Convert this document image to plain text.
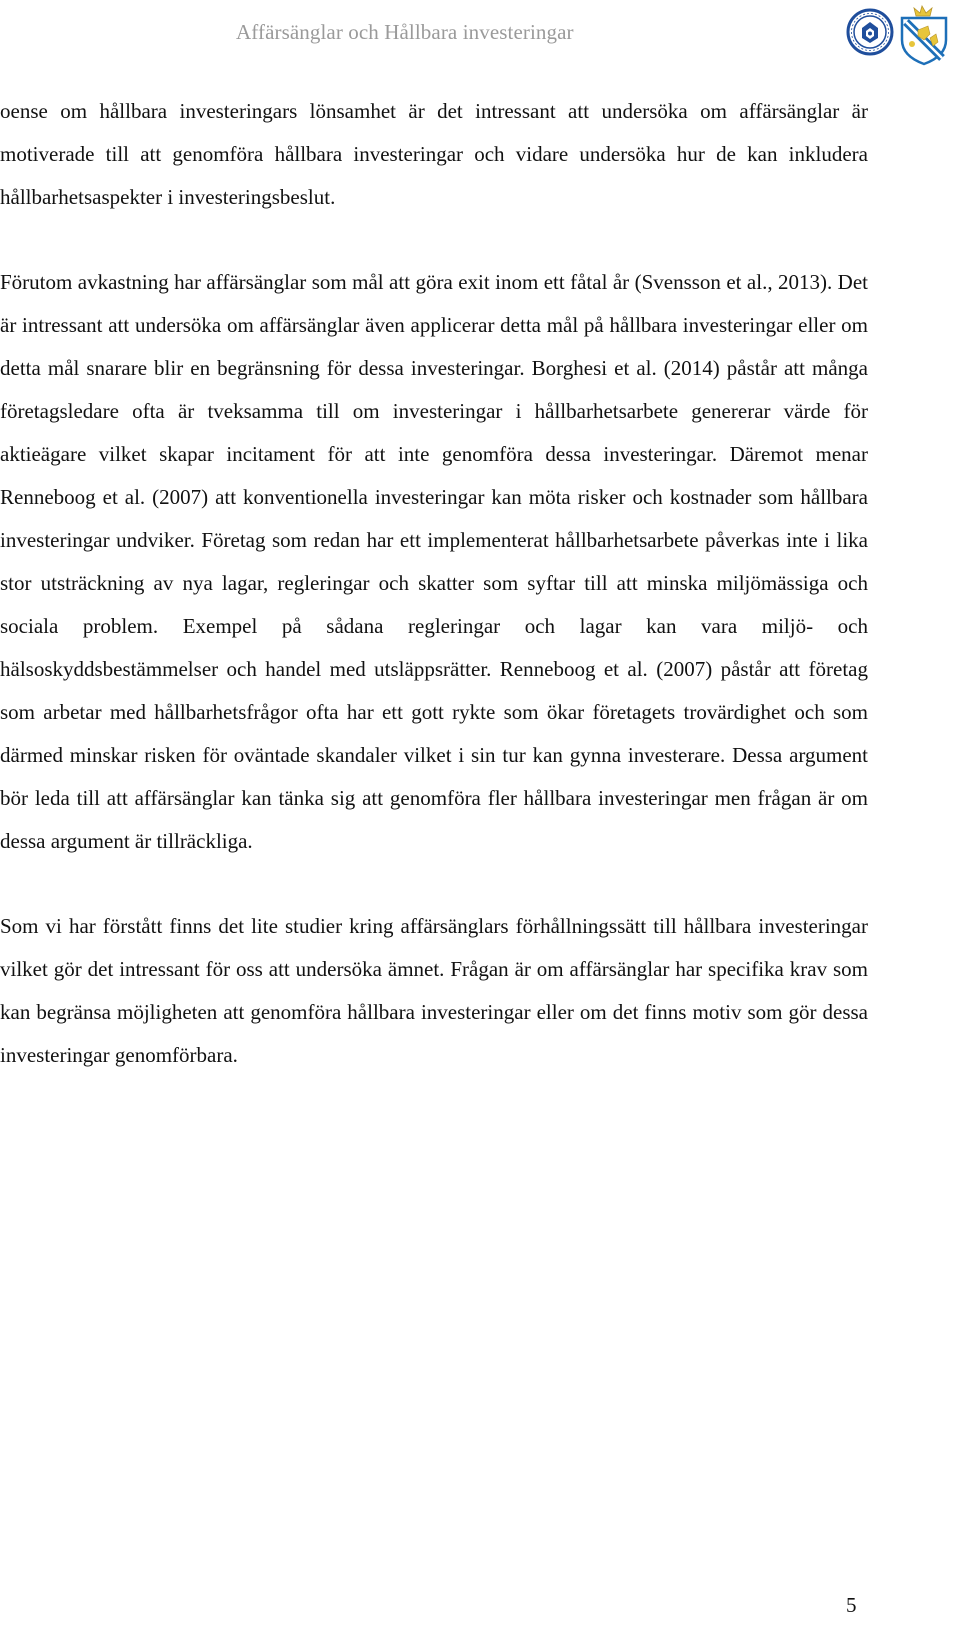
Affärsänglar och Hållbara investeringar

oense om hållbara investeringars lönsamhet är det intressant att undersöka om affärsänglar är motiverade till att genomföra hållbara investeringar och vidare undersöka hur de kan inkludera hållbarhetsaspekter i investeringsbeslut.

Förutom avkastning har affärsänglar som mål att göra exit inom ett fåtal år (Svensson et al., 2013). Det är intressant att undersöka om affärsänglar även applicerar detta mål på hållbara investeringar eller om detta mål snarare blir en begränsning för dessa investeringar. Borghesi et al. (2014) påstår att många företagsledare ofta är tveksamma till om investeringar i hållbarhetsarbete genererar värde för aktieägare vilket skapar incitament för att inte genomföra dessa investeringar. Däremot menar Renneboog et al. (2007) att konventionella investeringar kan möta risker och kostnader som hållbara investeringar undviker. Företag som redan har ett implementerat hållbarhetsarbete påverkas inte i lika stor utsträckning av nya lagar, regleringar och skatter som syftar till att minska miljömässiga och sociala problem. Exempel på sådana regleringar och lagar kan vara miljö- och hälsoskyddsbestämmelser och handel med utsläppsrätter. Renneboog et al. (2007) påstår att företag som arbetar med hållbarhetsfrågor ofta har ett gott rykte som ökar företagets trovärdighet och som därmed minskar risken för oväntade skandaler vilket i sin tur kan gynna investerare. Dessa argument bör leda till att affärsänglar kan tänka sig att genomföra fler hållbara investeringar men frågan är om dessa argument är tillräckliga.

Som vi har förstått finns det lite studier kring affärsänglars förhållningssätt till hållbara investeringar vilket gör det intressant för oss att undersöka ämnet. Frågan är om affärsänglar har specifika krav som kan begränsa möjligheten att genomföra hållbara investeringar eller om det finns motiv som gör dessa investeringar genomförbara.

5
